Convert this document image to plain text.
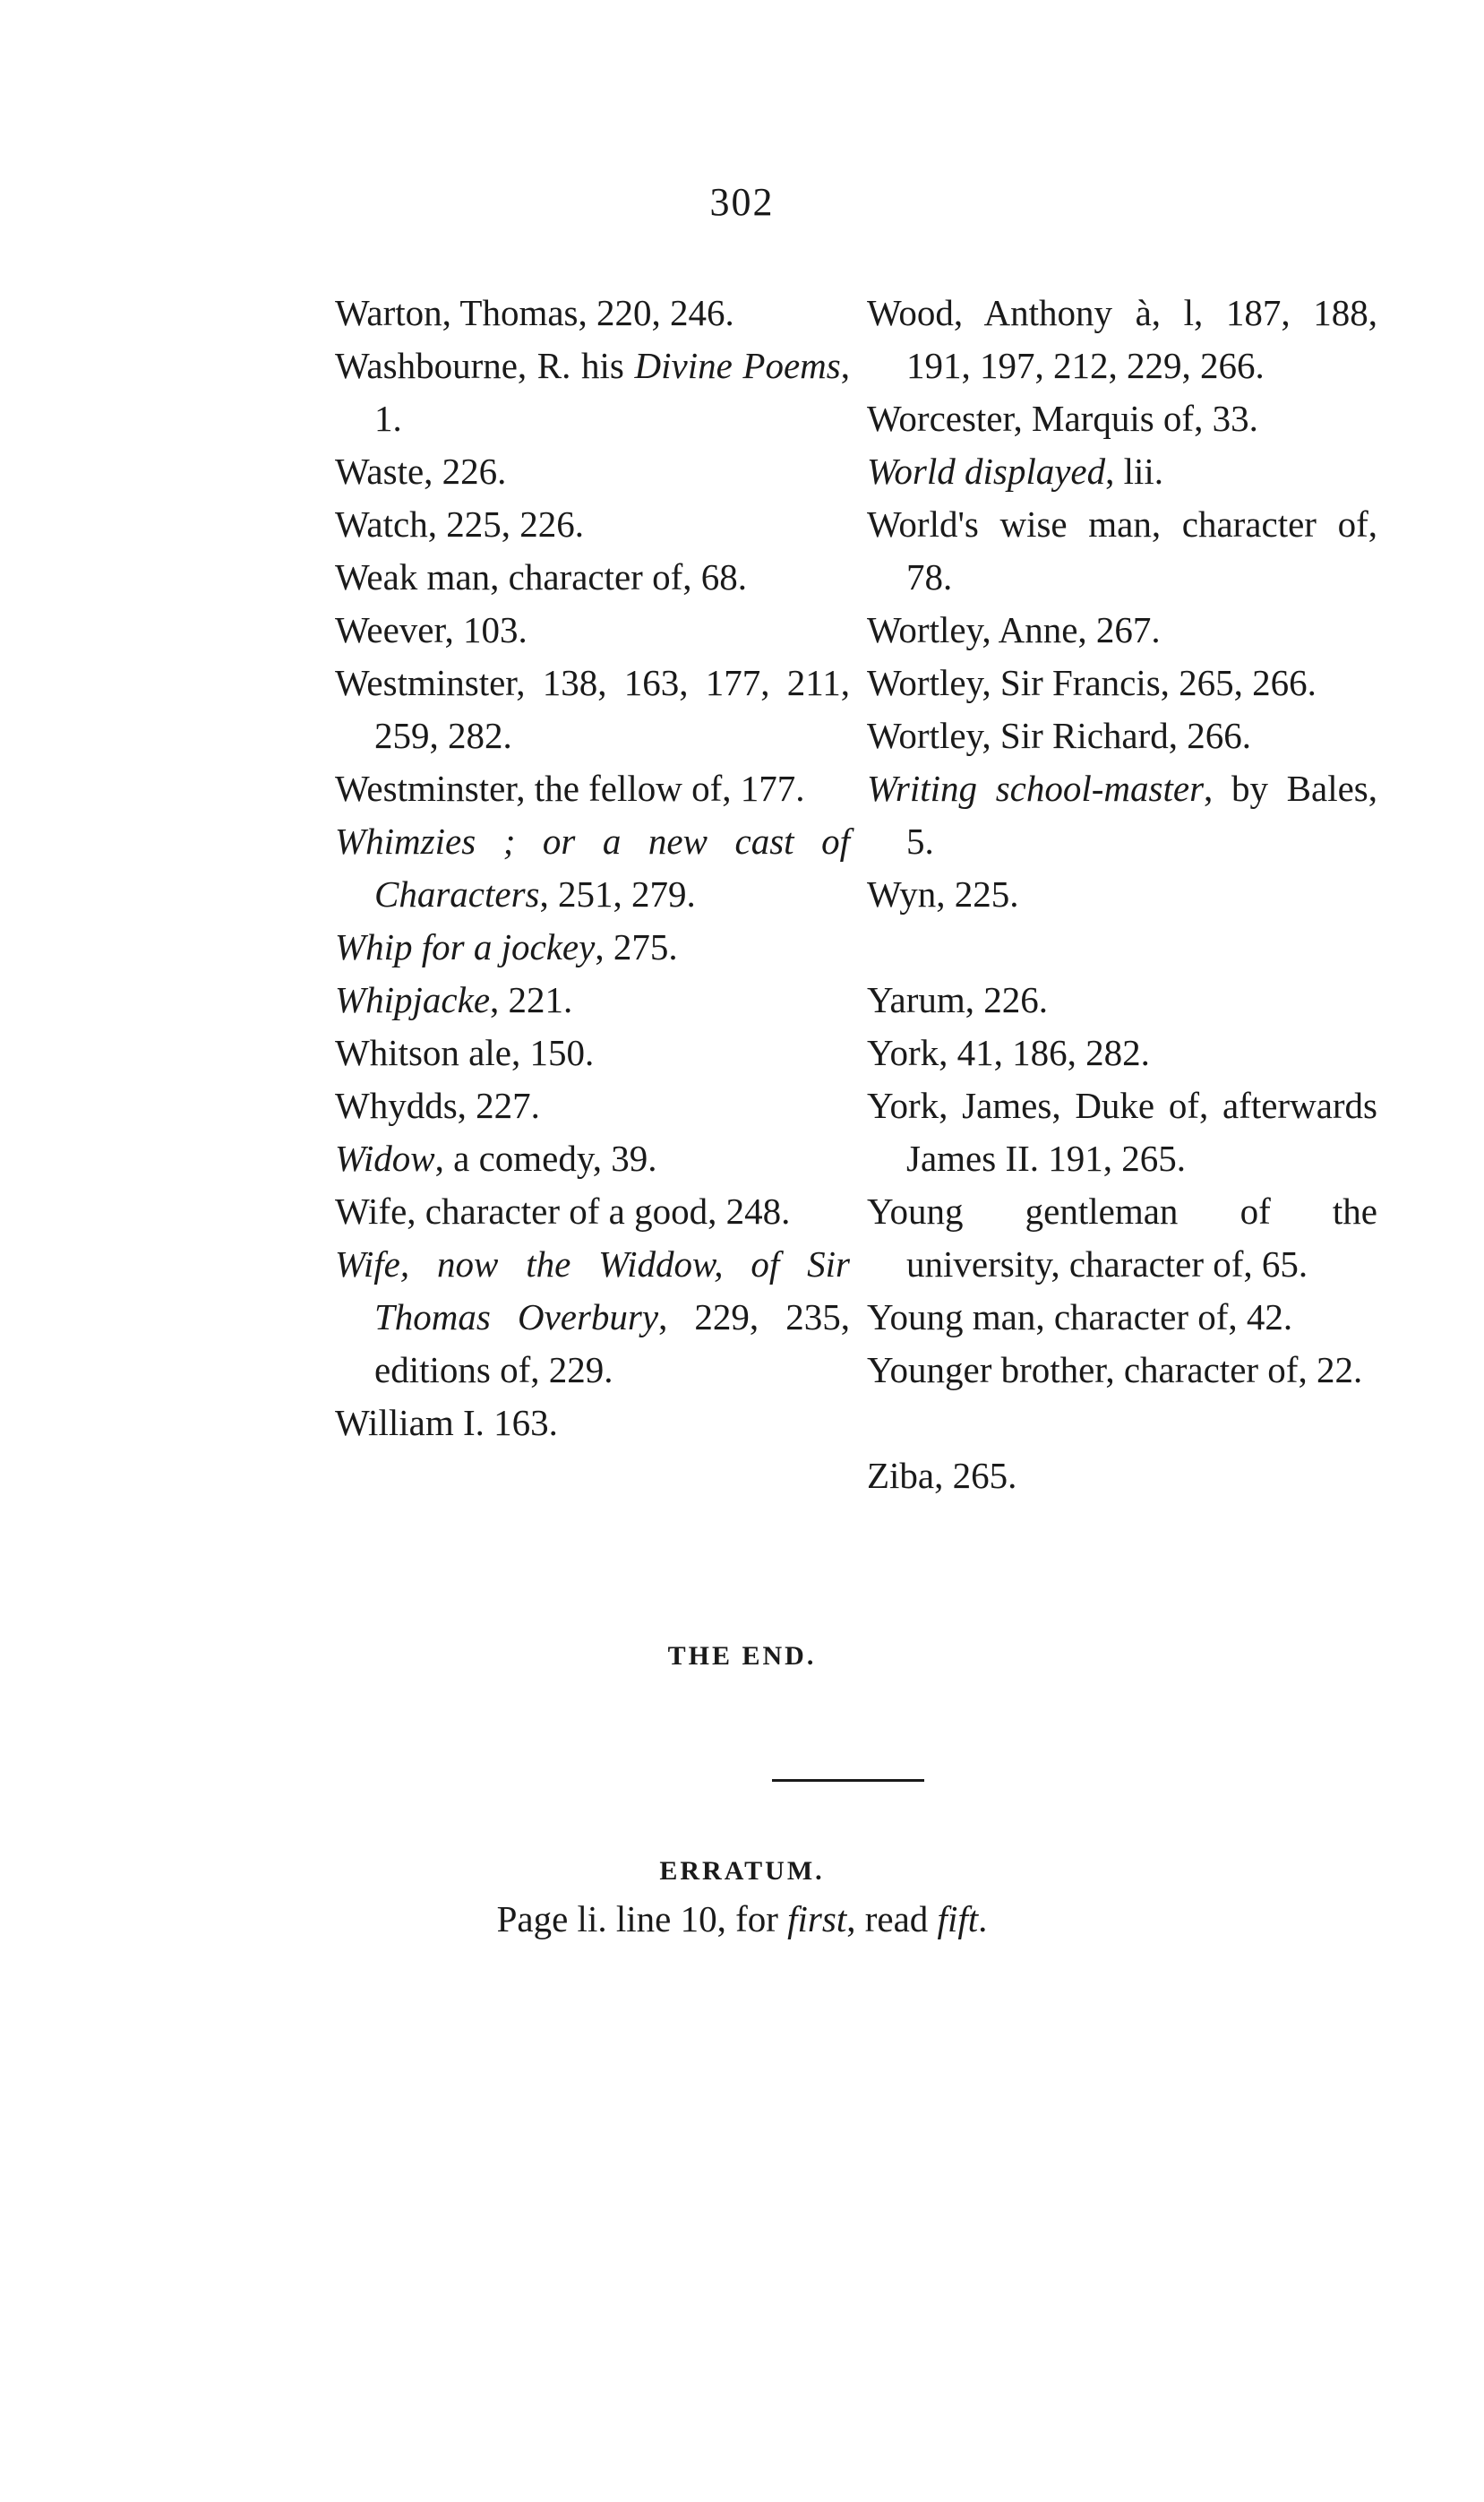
302
Warton, Thomas, 220, 246.
Washbourne, R. his Divine Poems, 1.
Waste, 226.
Watch, 225, 226.
Weak man, character of, 68.
Weever, 103.
Westminster, 138, 163, 177, 211, 259, 282.
Westminster, the fellow of, 177.
Whimzies ; or a new cast of Characters, 251, 279.
Whip for a jockey, 275.
Whipjacke, 221.
Whitson ale, 150.
Whydds, 227.
Widow, a comedy, 39.
Wife, character of a good, 248.
Wife, now the Widdow, of Sir Thomas Overbury, 229, 235, editions of, 229.
William I. 163.
Wood, Anthony à, l, 187, 188, 191, 197, 212, 229, 266.
Worcester, Marquis of, 33.
World displayed, lii.
World's wise man, character of, 78.
Wortley, Anne, 267.
Wortley, Sir Francis, 265, 266.
Wortley, Sir Richard, 266.
Writing school-master, by Bales, 5.
Wyn, 225.
Yarum, 226.
York, 41, 186, 282.
York, James, Duke of, afterwards James II. 191, 265.
Young gentleman of the university, character of, 65.
Young man, character of, 42.
Younger brother, character of, 22.
Ziba, 265.
THE END.
ERRATUM.
Page li. line 10, for first, read fift.
